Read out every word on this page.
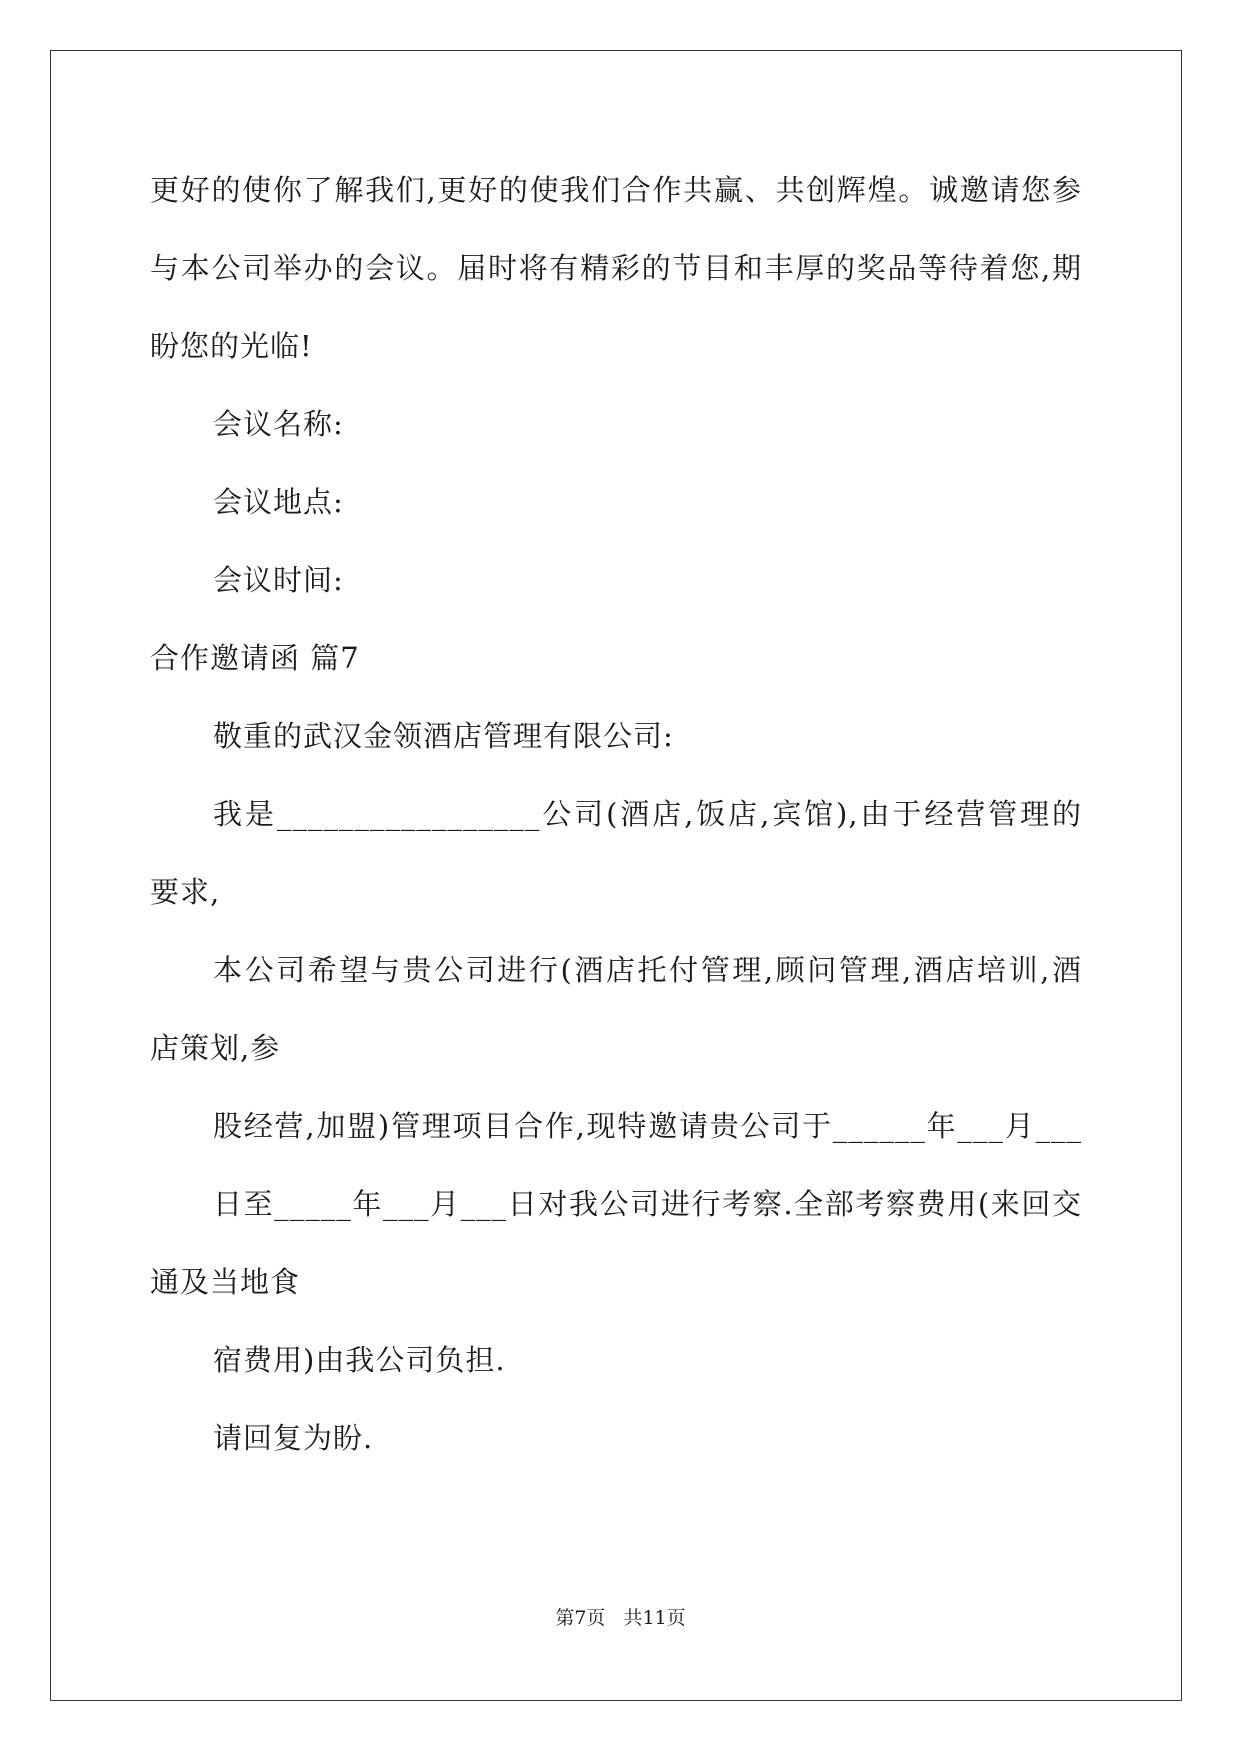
更好的使你了解我们,更好的使我们合作共赢、共创辉煌。诚邀请您参
与本公司举办的会议。届时将有精彩的节目和丰厚的奖品等待着您,期
盼您的光临!
会议名称:
会议地点:
会议时间:
合作邀请函 篇7
敬重的武汉金领酒店管理有限公司:
我是_________________公司(酒店,饭店,宾馆),由于经营管理的
要求,
本公司希望与贵公司进行(酒店托付管理,顾问管理,酒店培训,酒
店策划,参
股经营,加盟)管理项目合作,现特邀请贵公司于______年___月___
日至_____年___月___日对我公司进行考察.全部考察费用(来回交
通及当地食
宿费用)由我公司负担.
请回复为盼.
第7页 共11页
